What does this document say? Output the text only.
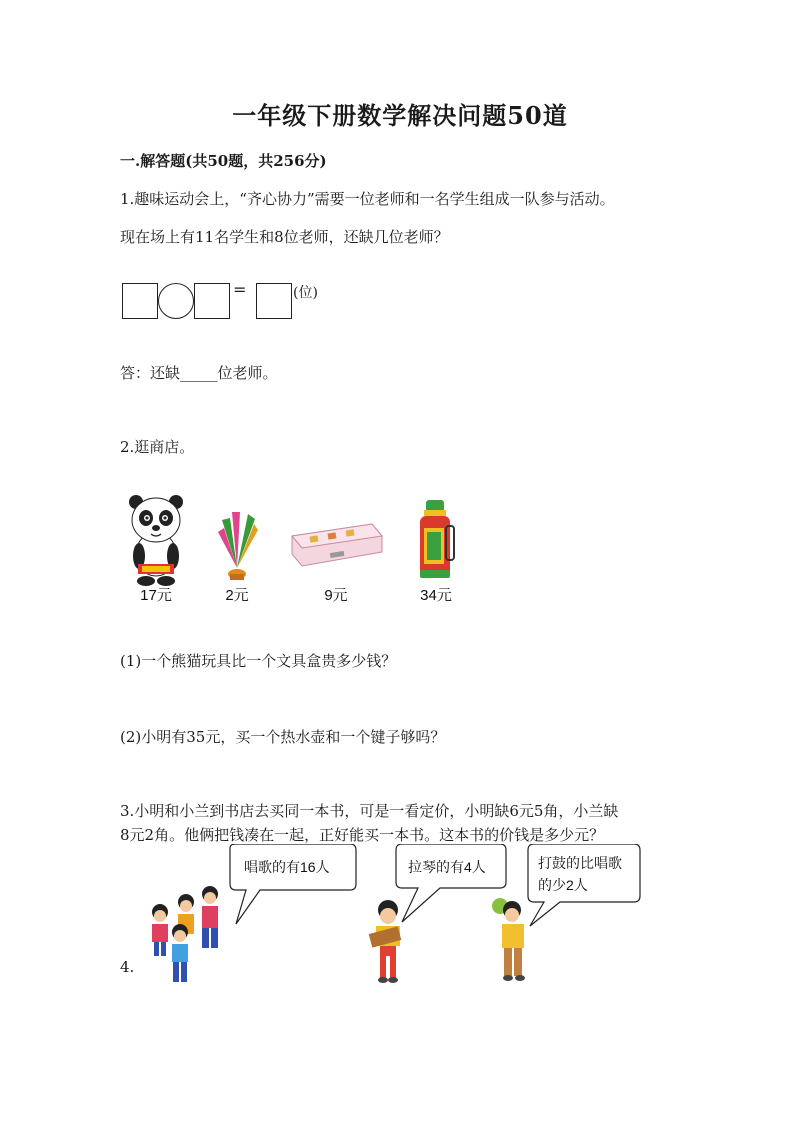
一年级下册数学解决问题50道
一.解答题(共50题，共256分)
1.趣味运动会上，“齐心协力”需要一位老师和一名学生组成一队参与活动。
现在场上有11名学生和8位老师，还缺几位老师？
=	(位)
答：还缺_____位老师。
2.逛商店。
17元	2元	9元	34元
(1)一个熊猫玩具比一个文具盒贵多少钱？
(2)小明有35元，买一个热水壶和一个键子够吗？
3.小明和小兰到书店去买同一本书，可是一看定价，小明缺6元5角，小兰缺
8元2角。他俩把钱凑在一起，正好能买一本书。这本书的价钱是多少元？
唱歌的有16人	拉琴的有4人	打鼓的比唱歌
的少2人
4.
